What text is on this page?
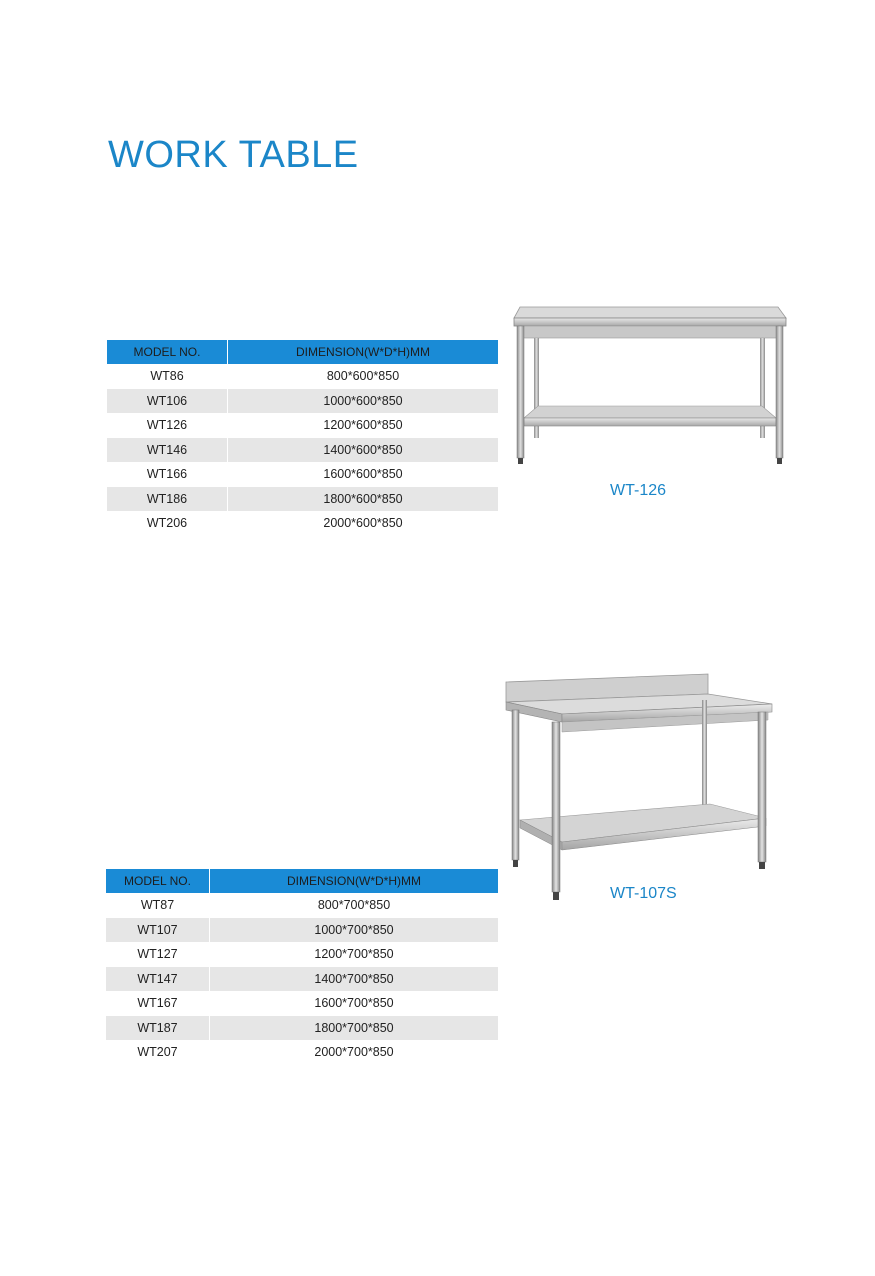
WORK TABLE
MODEL NO.	DIMENSION(W*D*H)MM
WT86	800*600*850
WT106	1000*600*850
WT126	1200*600*850
WT146	1400*600*850
WT166	1600*600*850
WT186	1800*600*850
WT206	2000*600*850
WT-126
WT-107S
MODEL NO.	DIMENSION(W*D*H)MM
WT87	800*700*850
WT107	1000*700*850
WT127	1200*700*850
WT147	1400*700*850
WT167	1600*700*850
WT187	1800*700*850
WT207	2000*700*850
